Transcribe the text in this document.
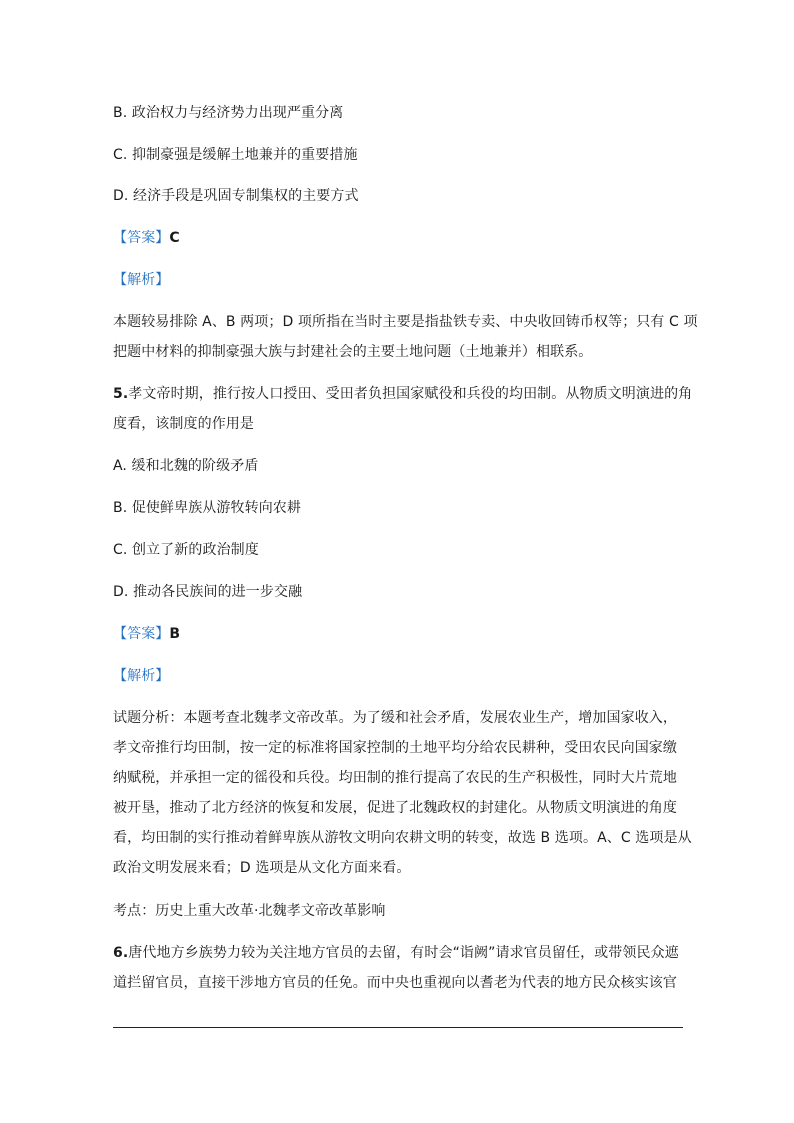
B. 政治权力与经济势力出现严重分离
C. 抑制豪强是缓解土地兼并的重要措施
D. 经济手段是巩固专制集权的主要方式
【答案】C
【解析】
本题较易排除 A、B 两项；D 项所指在当时主要是指盐铁专卖、中央收回铸币权等；只有 C 项
把题中材料的抑制豪强大族与封建社会的主要土地问题（土地兼并）相联系。
5.孝文帝时期，推行按人口授田、受田者负担国家赋役和兵役的均田制。从物质文明演进的角
度看，该制度的作用是
A. 缓和北魏的阶级矛盾
B. 促使鲜卑族从游牧转向农耕
C. 创立了新的政治制度
D. 推动各民族间的进一步交融
【答案】B
【解析】
试题分析：本题考查北魏孝文帝改革。为了缓和社会矛盾，发展农业生产，增加国家收入，
孝文帝推行均田制，按一定的标准将国家控制的土地平均分给农民耕种，受田农民向国家缴
纳赋税，并承担一定的徭役和兵役。均田制的推行提高了农民的生产积极性，同时大片荒地
被开垦，推动了北方经济的恢复和发展，促进了北魏政权的封建化。从物质文明演进的角度
看，均田制的实行推动着鲜卑族从游牧文明向农耕文明的转变，故选 B 选项。A、C 选项是从
政治文明发展来看；D 选项是从文化方面来看。
考点：历史上重大改革·北魏孝文帝改革影响
6.唐代地方乡族势力较为关注地方官员的去留，有时会“诣阙”请求官员留任，或带领民众遮
道拦留官员，直接干涉地方官员的任免。而中央也重视向以耆老为代表的地方民众核实该官
